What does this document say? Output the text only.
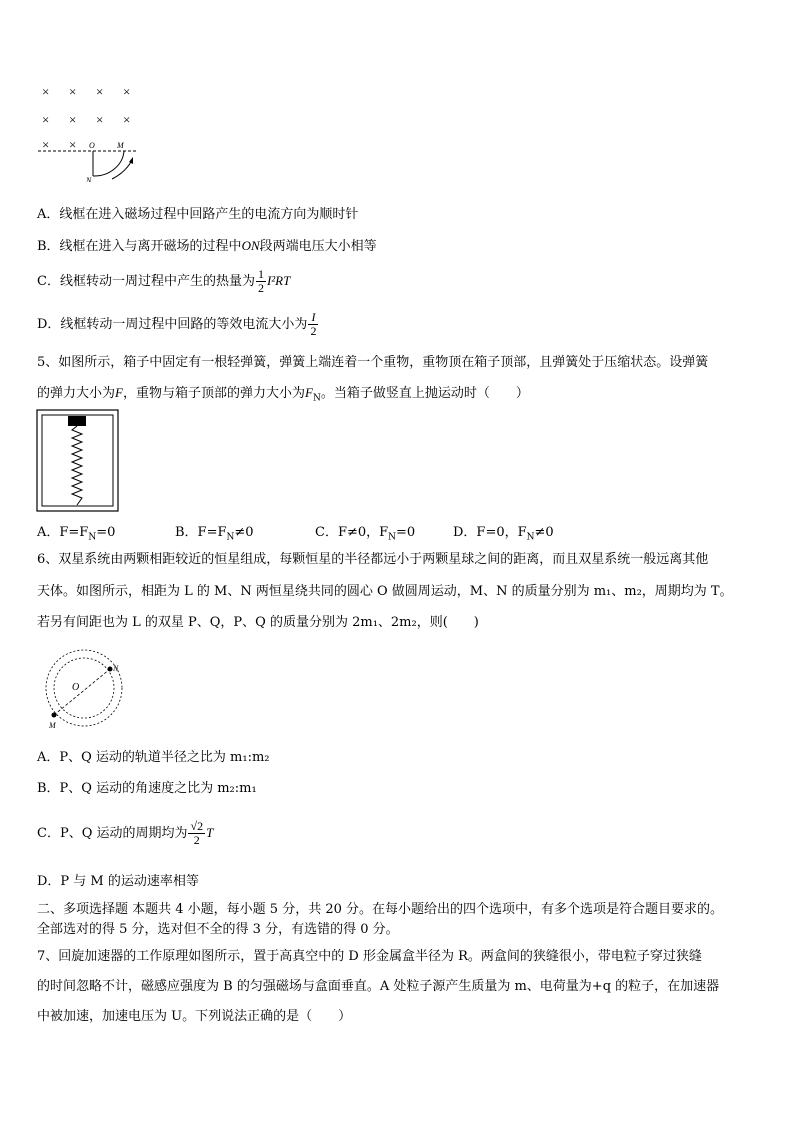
× × × ×
× × × ×
× × O	M
N
A．线框在进入磁场过程中回路产生的电流方向为顺时针
B．线框在进入与离开磁场的过程中ON段两端电压大小相等
C．线框转动一周过程中产生的热量为 $\frac{1}{2} I^2RT$
D．线框转动一周过程中回路的等效电流大小为 $\frac{I}{2}$
5、如图所示，箱子中固定有一根轻弹簧，弹簧上端连着一个重物，重物顶在箱子顶部，且弹簧处于压缩状态。设弹簧
的弹力大小为F，重物与箱子顶部的弹力大小为$F_N$。当箱子做竖直上抛运动时（　　）
A．$F=F_N=0$	B．$F=F_N\ne 0$	C．F≠0，$F_N=0$	D．F=0，$F_N\ne 0$
6、双星系统由两颗相距较近的恒星组成，每颗恒星的半径都远小于两颗星球之间的距离，而且双星系统一般远离其他
天体。如图所示，相距为 L 的 M、N 两恒星绕共同的圆心 O 做圆周运动，M、N 的质量分别为 m₁、m₂，周期均为 T。
若另有间距也为 L 的双星 P、Q，P、Q 的质量分别为 2m₁、2m₂，则(　　)
O
N
M
A．P、Q 运动的轨道半径之比为 m₁:m₂
B．P、Q 运动的角速度之比为 m₂:m₁
C．P、Q 运动的周期均为 $\frac{√2}{2}$ T
D．P 与 M 的运动速率相等
二、多项选择题 本题共 4 小题，每小题 5 分，共 20 分。在每小题给出的四个选项中，有多个选项是符合题目要求的。
全部选对的得 5 分，选对但不全的得 3 分，有选错的得 0 分。
7、回旋加速器的工作原理如图所示，置于高真空中的 D 形金属盒半径为 R。两盒间的狭缝很小，带电粒子穿过狭缝
的时间忽略不计，磁感应强度为 B 的匀强磁场与盒面垂直。A 处粒子源产生质量为 m、电荷量为+q 的粒子，在加速器
中被加速，加速电压为 U。下列说法正确的是（　　）
